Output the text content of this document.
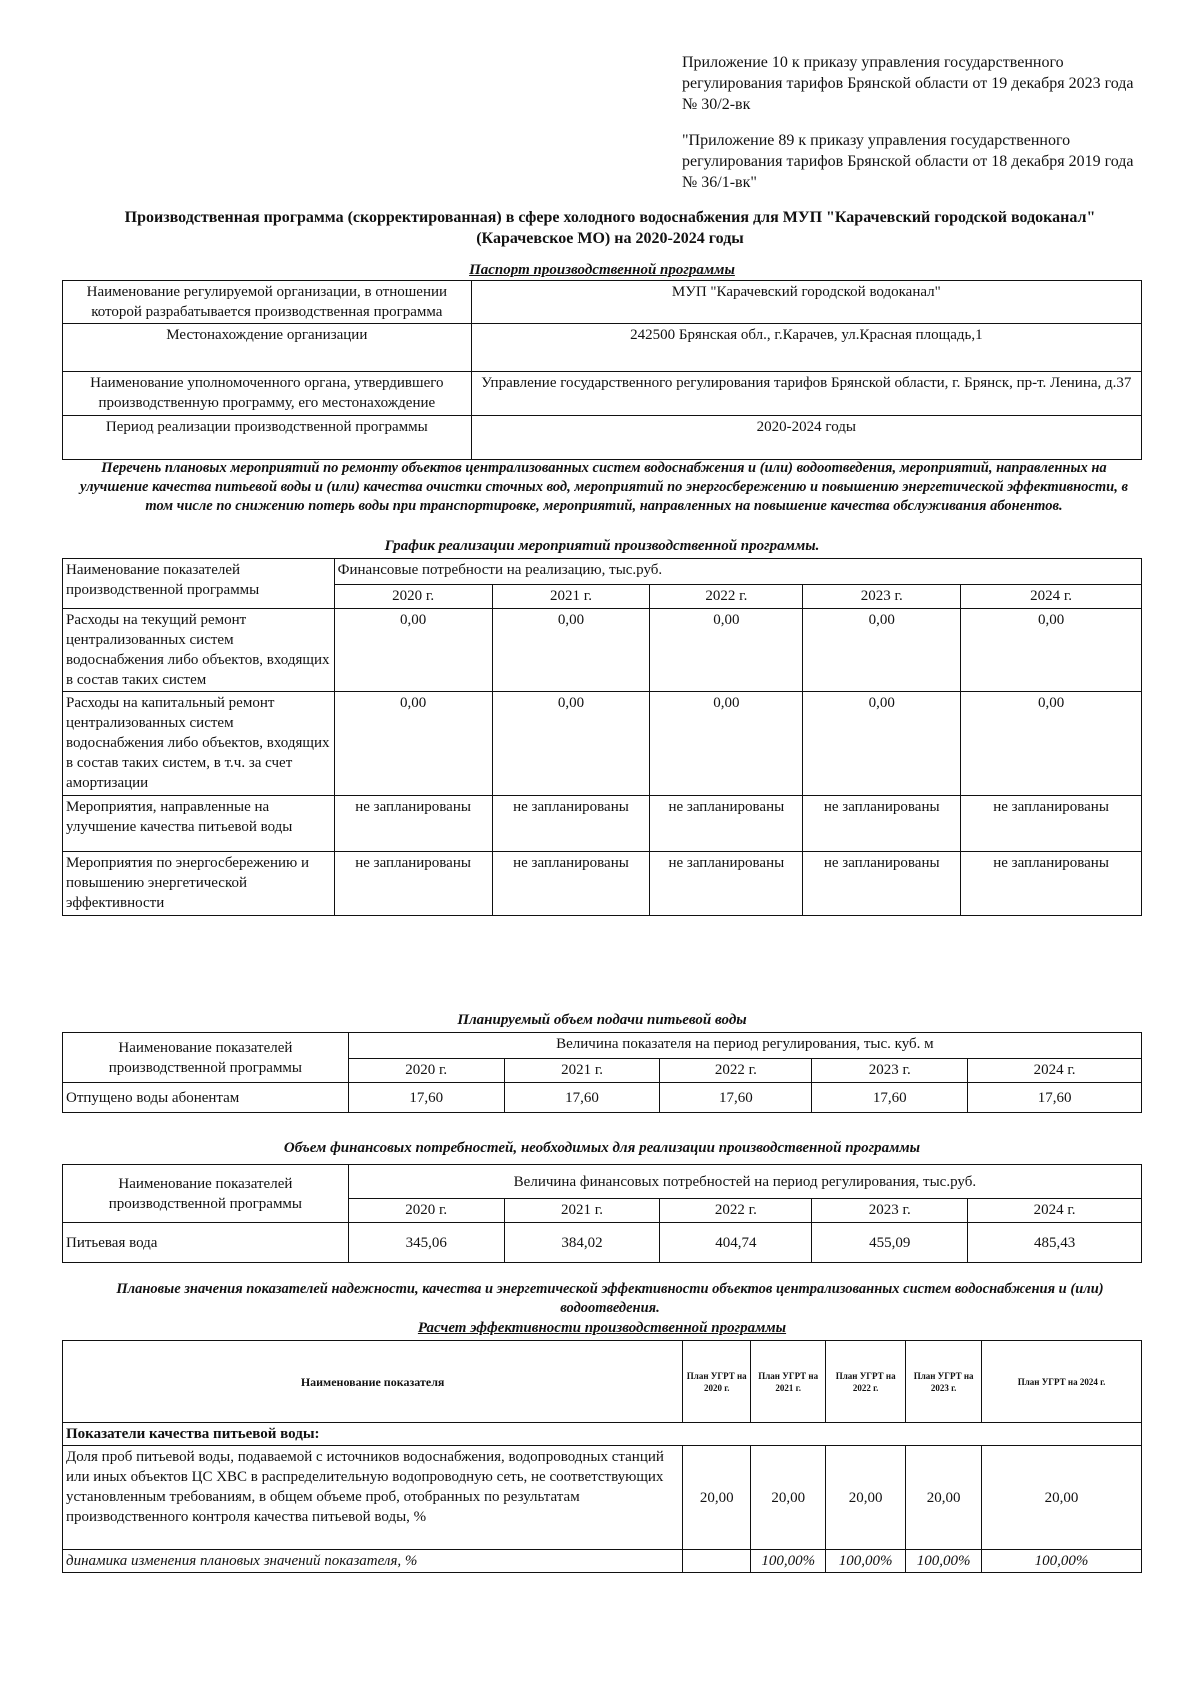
Приложение 10 к приказу управления государственного регулирования тарифов Брянской области от 19 декабря 2023 года № 30/2-вк
"Приложение 89 к приказу управления государственного регулирования тарифов Брянской области от 18 декабря 2019 года № 36/1-вк"
Производственная программа (скорректированная) в сфере холодного водоснабжения для МУП "Карачевский городской водоканал" (Карачевское МО) на 2020-2024 годы
Паспорт производственной программы
Наименование регулируемой организации, в отношении которой разрабатывается производственная программа	МУП "Карачевский городской водоканал"
Местонахождение организации	242500 Брянская обл., г.Карачев, ул.Красная площадь,1
Наименование уполномоченного органа, утвердившего производственную программу, его местонахождение	Управление государственного регулирования тарифов Брянской области, г. Брянск, пр-т. Ленина, д.37
Период реализации производственной программы	2020-2024 годы
Перечень плановых мероприятий по ремонту объектов централизованных систем водоснабжения и (или) водоотведения, мероприятий, направленных на улучшение качества питьевой воды и (или) качества очистки сточных вод, мероприятий по энергосбережению и повышению энергетической эффективности, в том числе по снижению потерь воды при транспортировке, мероприятий, направленных на повышение качества обслуживания абонентов.
График реализации мероприятий производственной программы.
Наименование показателей производственной программы	Финансовые потребности на реализацию, тыс.руб.				
	2020 г.	2021 г.	2022 г.	2023 г.	2024 г.
Расходы на текущий ремонт централизованных систем водоснабжения либо объектов, входящих в состав таких систем	0,00	0,00	0,00	0,00	0,00
Расходы на капитальный ремонт централизованных систем водоснабжения либо объектов, входящих в состав таких систем, в т.ч. за счет амортизации	0,00	0,00	0,00	0,00	0,00
Мероприятия, направленные на улучшение качества питьевой воды	не запланированы	не запланированы	не запланированы	не запланированы	не запланированы
Мероприятия по энергосбережению и повышению энергетической эффективности	не запланированы	не запланированы	не запланированы	не запланированы	не запланированы
Планируемый объем подачи питьевой воды
Наименование показателей производственной программы	Величина показателя на период регулирования, тыс. куб. м				
	2020 г.	2021 г.	2022 г.	2023 г.	2024 г.
Отпущено воды абонентам	17,60	17,60	17,60	17,60	17,60
Объем финансовых потребностей, необходимых для реализации производственной программы
Наименование показателей производственной программы	Величина финансовых потребностей на период регулирования, тыс.руб.				
	2020 г.	2021 г.	2022 г.	2023 г.	2024 г.
Питьевая вода	345,06	384,02	404,74	455,09	485,43
Плановые значения показателей надежности, качества и энергетической эффективности объектов централизованных систем водоснабжения и (или) водоотведения.
Расчет эффективности производственной программы
Наименование показателя	План УГРТ на 2020 г.	План УГРТ на 2021 г.	План УГРТ на 2022 г.	План УГРТ на 2023 г.	План УГРТ на 2024 г.
Показатели качества питьевой воды:					
Доля проб питьевой воды, подаваемой с источников водоснабжения, водопроводных станций или иных объектов ЦС ХВС в распределительную водопроводную сеть, не соответствующих установленным требованиям, в общем объеме проб, отобранных по результатам производственного контроля качества питьевой воды, %	20,00	20,00	20,00	20,00	20,00
динамика изменения плановых значений показателя, %		100,00%	100,00%	100,00%	100,00%
